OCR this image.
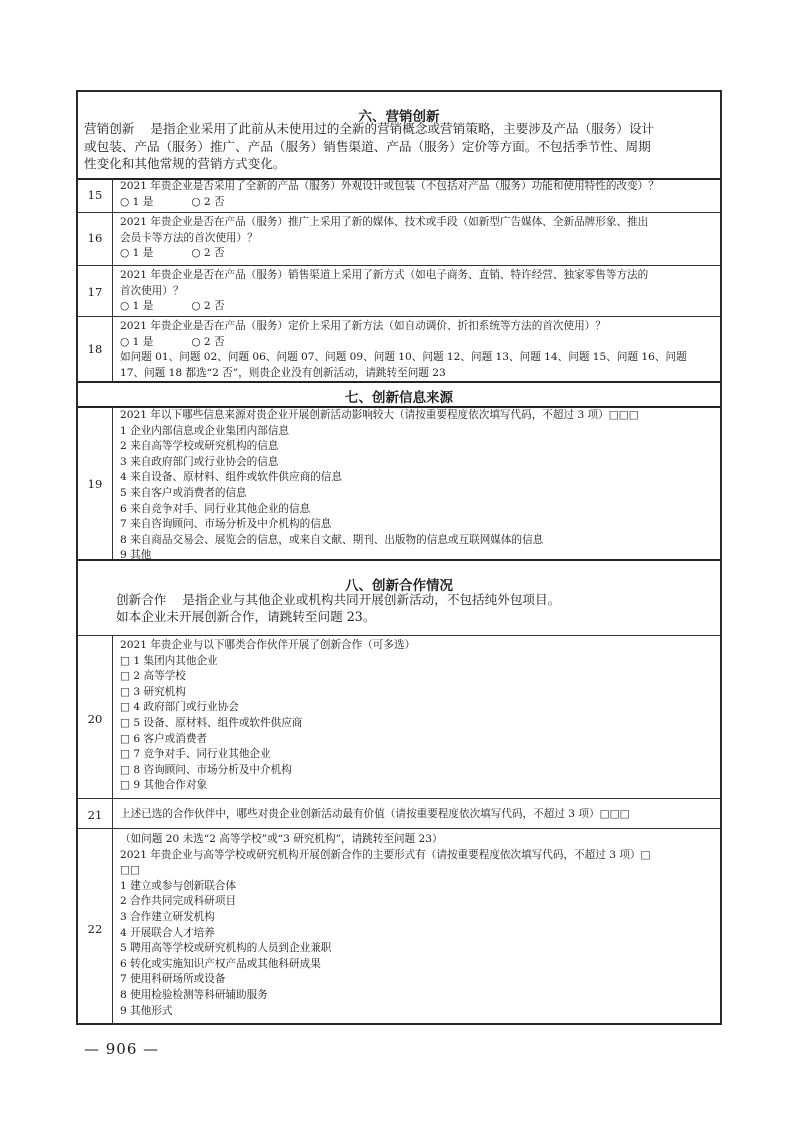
六、营销创新
营销创新 是指企业采用了此前从未使用过的全新的营销概念或营销策略，主要涉及产品（服务）设计
或包装、产品（服务）推广、产品（服务）销售渠道、产品（服务）定价等方面。不包括季节性、周期
性变化和其他常规的营销方式变化。
15
2021 年贵企业是否采用了全新的产品（服务）外观设计或包装（不包括对产品（服务）功能和使用特性的改变）？
○ 1 是	○ 2 否
16
2021 年贵企业是否在产品（服务）推广上采用了新的媒体、技术或手段（如新型广告媒体、全新品牌形象、推出
会员卡等方法的首次使用）？
○ 1 是	○ 2 否
17
2021 年贵企业是否在产品（服务）销售渠道上采用了新方式（如电子商务、直销、特许经营、独家零售等方法的
首次使用）？
○ 1 是	○ 2 否
18
2021 年贵企业是否在产品（服务）定价上采用了新方法（如自动调价、折扣系统等方法的首次使用）？
○ 1 是	○ 2 否
如问题 01、问题 02、问题 06、问题 07、问题 09、问题 10、问题 12、问题 13、问题 14、问题 15、问题 16、问题
17、问题 18 都选“2 否”，则贵企业没有创新活动，请跳转至问题 23
七、创新信息来源
19
2021 年以下哪些信息来源对贵企业开展创新活动影响较大（请按重要程度依次填写代码，不超过 3 项）□□□
1 企业内部信息或企业集团内部信息
2 来自高等学校或研究机构的信息
3 来自政府部门或行业协会的信息
4 来自设备、原材料、组件或软件供应商的信息
5 来自客户或消费者的信息
6 来自竞争对手、同行业其他企业的信息
7 来自咨询顾问、市场分析及中介机构的信息
8 来自商品交易会、展览会的信息，或来自文献、期刊、出版物的信息或互联网媒体的信息
9 其他
八、创新合作情况
创新合作 是指企业与其他企业或机构共同开展创新活动，不包括纯外包项目。
如本企业未开展创新合作，请跳转至问题 23。
20
2021 年贵企业与以下哪类合作伙伴开展了创新合作（可多选）
□ 1 集团内其他企业
□ 2 高等学校
□ 3 研究机构
□ 4 政府部门或行业协会
□ 5 设备、原材料、组件或软件供应商
□ 6 客户或消费者
□ 7 竞争对手、同行业其他企业
□ 8 咨询顾问、市场分析及中介机构
□ 9 其他合作对象
21	上述已选的合作伙伴中，哪些对贵企业创新活动最有价值（请按重要程度依次填写代码，不超过 3 项）□□□
22
（如问题 20 未选“2 高等学校”或“3 研究机构”，请跳转至问题 23）
2021 年贵企业与高等学校或研究机构开展创新合作的主要形式有（请按重要程度依次填写代码，不超过 3 项）□
□□
1 建立或参与创新联合体
2 合作共同完成科研项目
3 合作建立研发机构
4 开展联合人才培养
5 聘用高等学校或研究机构的人员到企业兼职
6 转化或实施知识产权产品或其他科研成果
7 使用科研场所或设备
8 使用检验检测等科研辅助服务
9 其他形式
— 906 —
